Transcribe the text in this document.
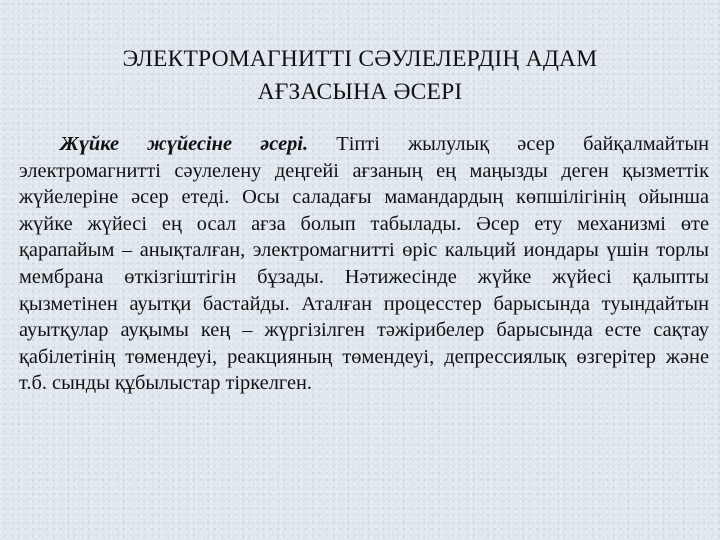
ЭЛЕКТРОМАГНИТТІ СӘУЛЕЛЕРДІҢ АДАМ
АҒЗАСЫНА ӘСЕРІ

Жүйке жүйесіне әсері. Тіпті жылулық әсер байқалмайтын электромагнитті сәулелену деңгейі ағзаның ең маңызды деген қызметтік жүйелеріне әсер етеді. Осы саладағы мамандардың көпшілігінің ойынша жүйке жүйесі ең осал ағза болып табылады. Әсер ету механизмі өте қарапайым – анықталған, электромагнитті өріс кальций иондары үшін торлы мембрана өткізгіштігін бұзады. Нәтижесінде жүйке жүйесі қалыпты қызметінен ауытқи бастайды. Аталған процесстер барысында туындайтын ауытқулар ауқымы кең – жүргізілген тәжірибелер барысында есте сақтау қабілетінің төмендеуі, реакцияның төмендеуі, депрессиялық өзгерітер және т.б. сынды құбылыстар тіркелген.
